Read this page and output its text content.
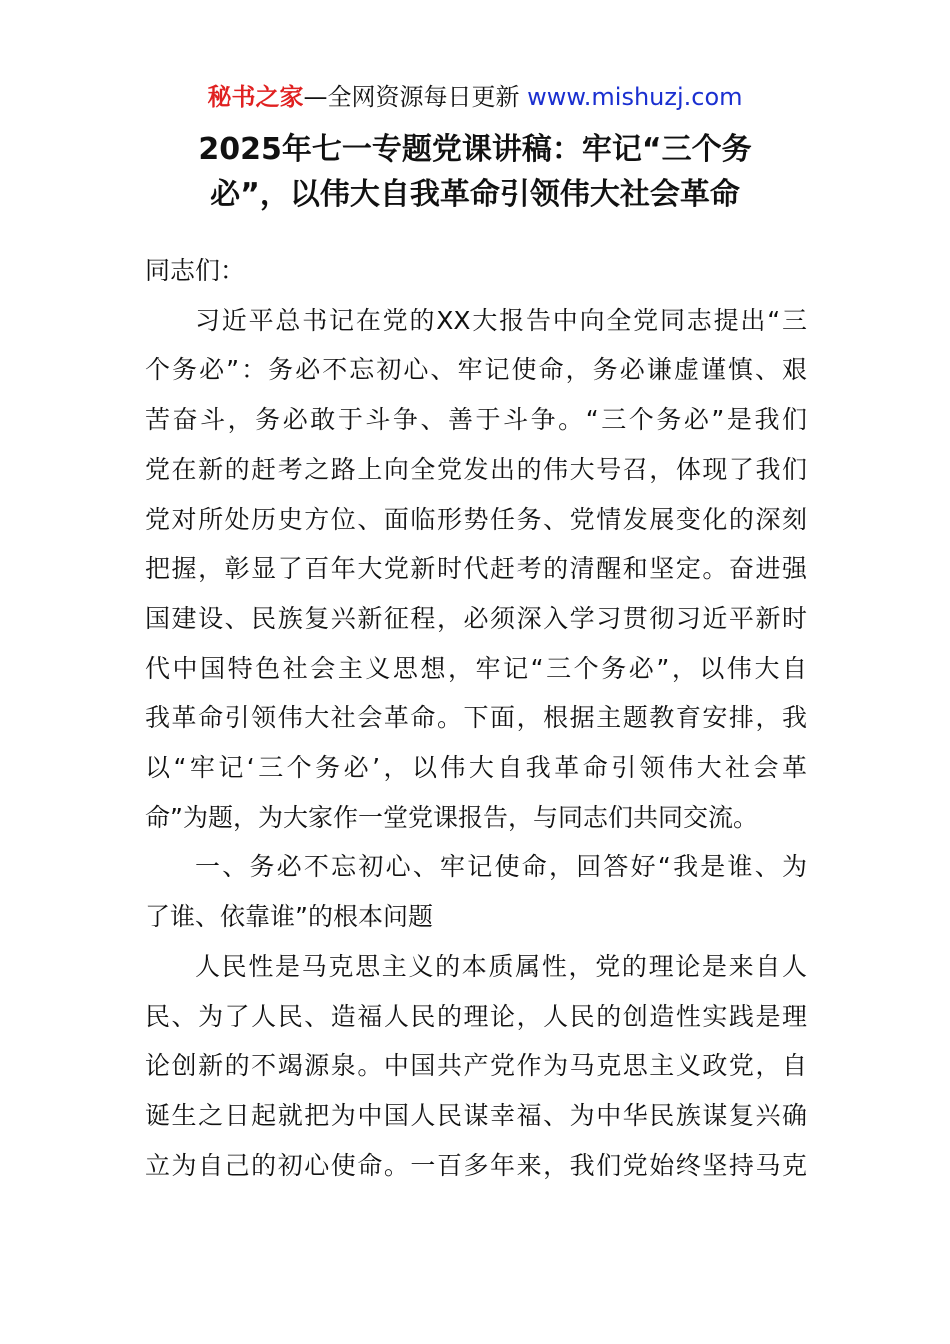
秘书之家—全网资源每日更新 www.mishuzj.com
2025年七一专题党课讲稿：牢记“三个务
必”，以伟大自我革命引领伟大社会革命

同志们：

习近平总书记在党的XX大报告中向全党同志提出“三
个务必”：务必不忘初心、牢记使命，务必谦虚谨慎、艰
苦奋斗，务必敢于斗争、善于斗争。“三个务必”是我们
党在新的赶考之路上向全党发出的伟大号召，体现了我们
党对所处历史方位、面临形势任务、党情发展变化的深刻
把握，彰显了百年大党新时代赶考的清醒和坚定。奋进强
国建设、民族复兴新征程，必须深入学习贯彻习近平新时
代中国特色社会主义思想，牢记“三个务必”，以伟大自
我革命引领伟大社会革命。下面，根据主题教育安排，我
以“牢记‘三个务必’，以伟大自我革命引领伟大社会革
命”为题，为大家作一堂党课报告，与同志们共同交流。

一、务必不忘初心、牢记使命，回答好“我是谁、为
了谁、依靠谁”的根本问题

人民性是马克思主义的本质属性，党的理论是来自人
民、为了人民、造福人民的理论，人民的创造性实践是理
论创新的不竭源泉。中国共产党作为马克思主义政党，自
诞生之日起就把为中国人民谋幸福、为中华民族谋复兴确
立为自己的初心使命。一百多年来，我们党始终坚持马克
